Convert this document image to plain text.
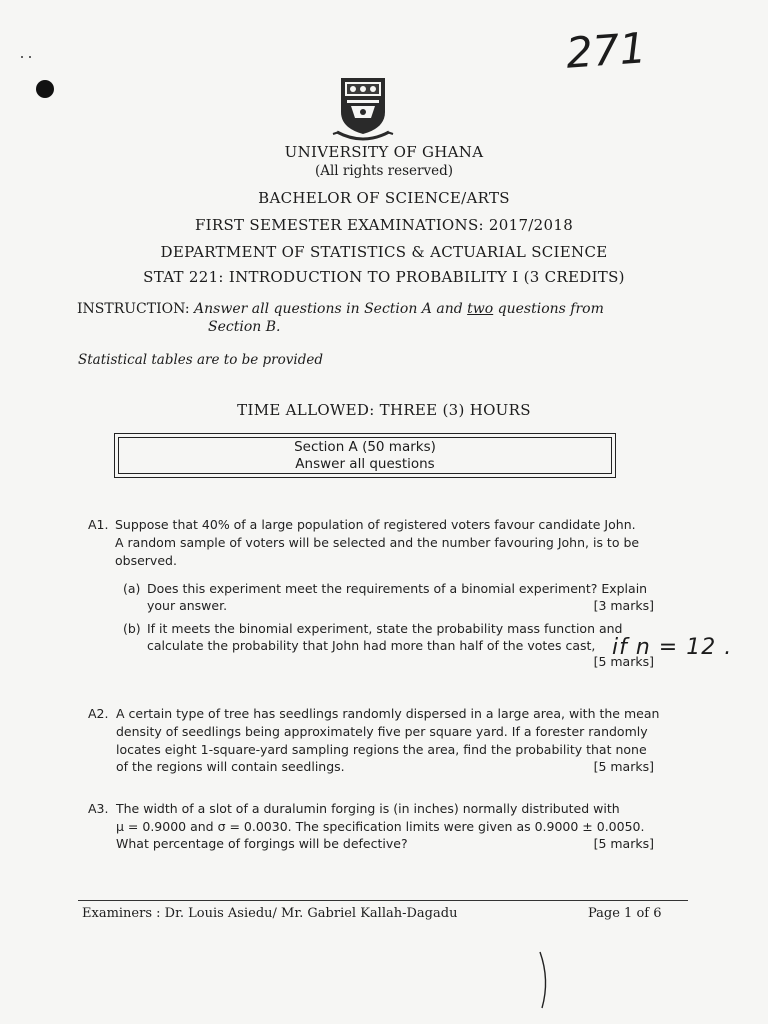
271
UNIVERSITY OF GHANA
(All rights reserved)
BACHELOR OF SCIENCE/ARTS
FIRST SEMESTER EXAMINATIONS: 2017/2018
DEPARTMENT OF STATISTICS & ACTUARIAL SCIENCE
STAT 221: INTRODUCTION TO PROBABILITY I (3 CREDITS)
INSTRUCTION: Answer all questions in Section A and two questions from
Section B.
Statistical tables are to be provided
TIME ALLOWED: THREE (3) HOURS
Section A (50 marks)
Answer all questions
A1. Suppose that 40% of a large population of registered voters favour candidate John.
A random sample of voters will be selected and the number favouring John, is to be
observed.
(a) Does this experiment meet the requirements of a binomial experiment? Explain
your answer.	[3 marks]
(b) If it meets the binomial experiment, state the probability mass function and
calculate the probability that John had more than half of the votes cast,
[5 marks]
if n = 12 .
A2. A certain type of tree has seedlings randomly dispersed in a large area, with the mean
density of seedlings being approximately five per square yard. If a forester randomly
locates eight 1-square-yard sampling regions the area, find the probability that none
of the regions will contain seedlings.	[5 marks]
A3. The width of a slot of a duralumin forging is (in inches) normally distributed with
μ = 0.9000 and σ = 0.0030. The specification limits were given as 0.9000 ± 0.0050.
What percentage of forgings will be defective?	[5 marks]
Examiners : Dr. Louis Asiedu/ Mr. Gabriel Kallah-Dagadu	Page 1 of 6
